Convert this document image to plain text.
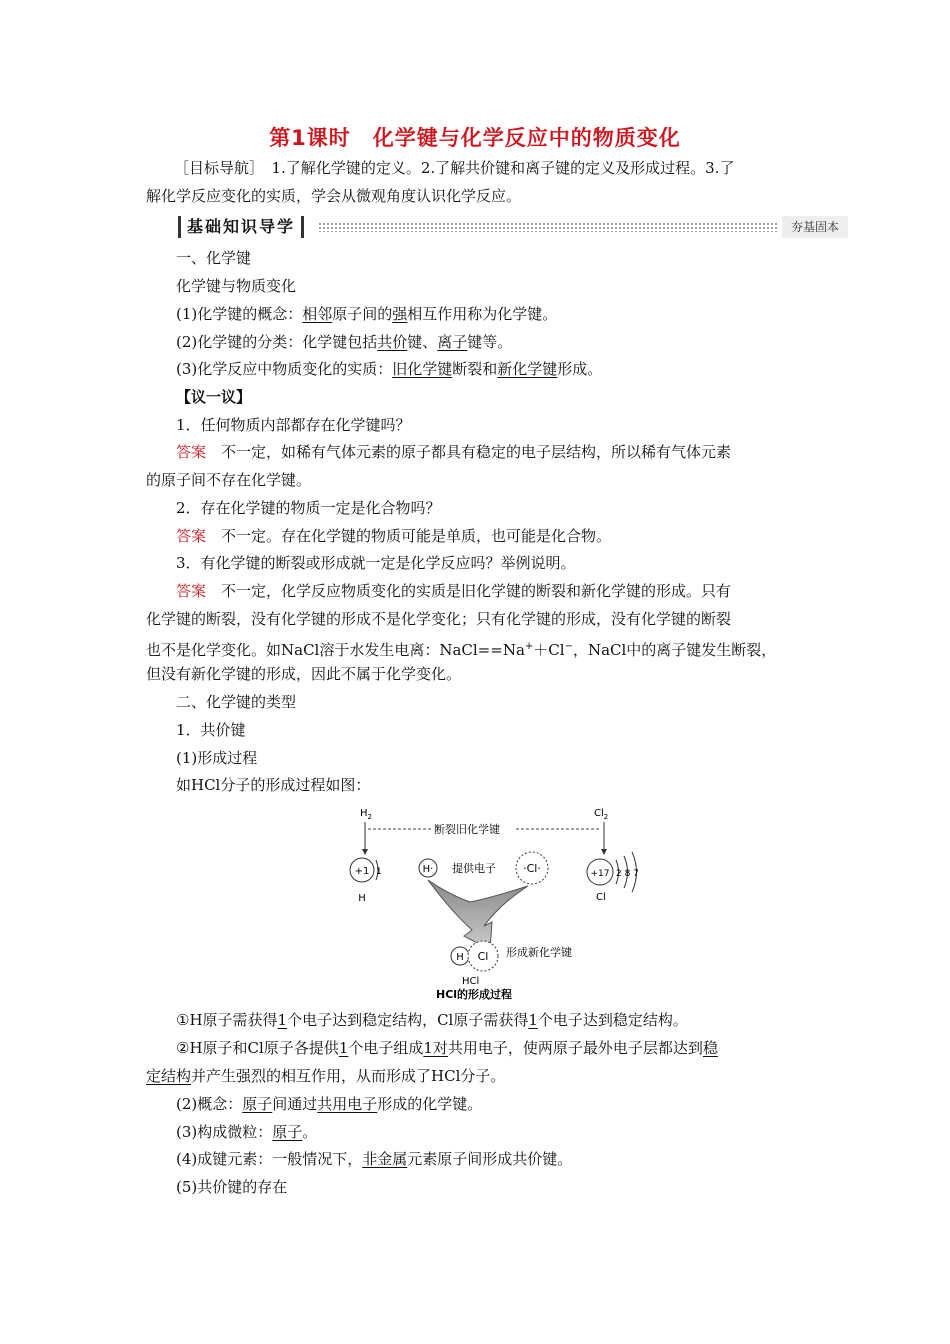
第1课时　化学键与化学反应中的物质变化
［目标导航］　1.了解化学键的定义。2.了解共价键和离子键的定义及形成过程。3.了
解化学反应变化的实质，学会从微观角度认识化学反应。
基础知识导学	夯基固本
一、化学键
化学键与物质变化
(1)化学键的概念：相邻原子间的强相互作用称为化学键。
(2)化学键的分类：化学键包括共价键、离子键等。
(3)化学反应中物质变化的实质：旧化学键断裂和新化学键形成。
【议一议】
1．任何物质内部都存在化学键吗？
答案　不一定，如稀有气体元素的原子都具有稳定的电子层结构，所以稀有气体元素
的原子间不存在化学键。
2．存在化学键的物质一定是化合物吗？
答案　不一定。存在化学键的物质可能是单质，也可能是化合物。
3．有化学键的断裂或形成就一定是化学反应吗？举例说明。
答案　不一定，化学反应物质变化的实质是旧化学键的断裂和新化学键的形成。只有
化学键的断裂，没有化学键的形成不是化学变化；只有化学键的形成，没有化学键的断裂
也不是化学变化。如NaCl溶于水发生电离：NaCl==Na+＋Cl−，NaCl中的离子键发生断裂，
但没有新化学键的形成，因此不属于化学变化。
二、化学键的类型
1．共价键
(1)形成过程
如HCl分子的形成过程如图：
$H_2$	$Cl_2$
断裂旧化学键
+1 1
H
H· 提供电子 ·Cl·	+17 2 8 7
Cl
H Cl 形成新化学键
HCl
HCl的形成过程
①H原子需获得1个电子达到稳定结构，Cl原子需获得1个电子达到稳定结构。
②H原子和Cl原子各提供1个电子组成1对共用电子，使两原子最外电子层都达到稳
定结构并产生强烈的相互作用，从而形成了HCl分子。
(2)概念：原子间通过共用电子形成的化学键。
(3)构成微粒：原子。
(4)成键元素：一般情况下，非金属元素原子间形成共价键。
(5)共价键的存在
